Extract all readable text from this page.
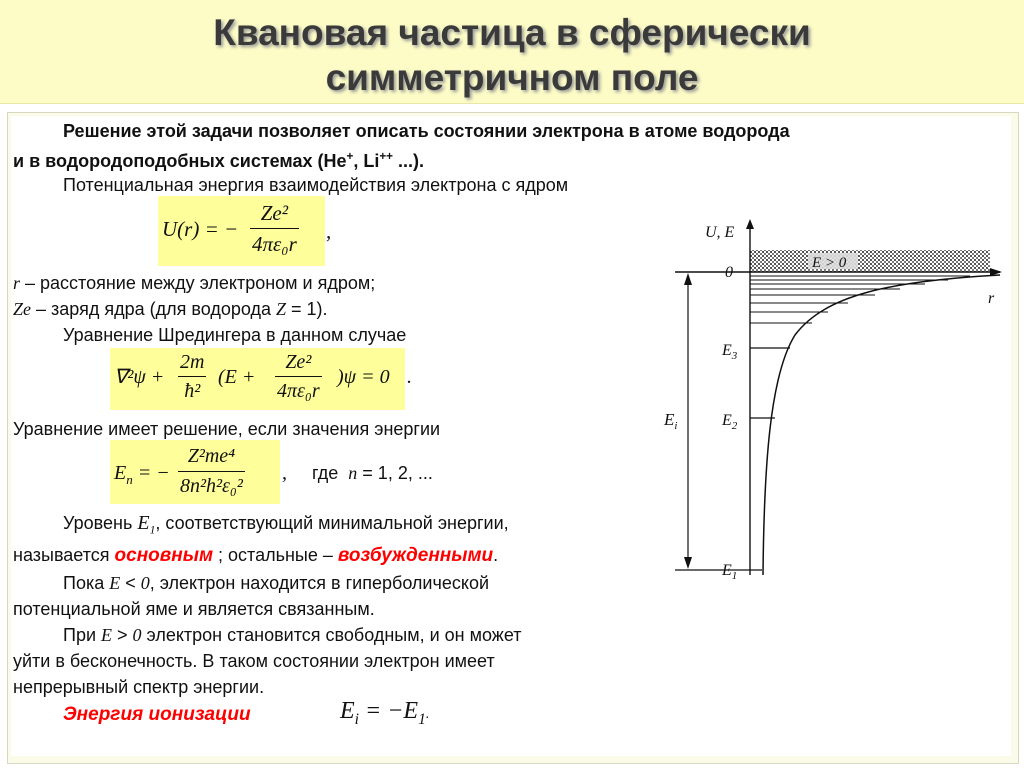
Квановая частица в сферически
симметричном поле
Решение этой задачи позволяет описать состоянии электрона в атоме водорода
и в водородоподобных системах (He+, Li++ ...).
Потенциальная энергия взаимодействия электрона с ядром
U(r) = − $\frac{\text{Ze²}}{\text{4πε₀r}}$ ,
r – расстояние между электроном и ядром;
Ze – заряд ядра (для водорода Z = 1).
Уравнение Шредингера в данном случае
$\nabla^2\psi + \frac{2m}{\text{ħ²}} (E + \frac{\text{Ze²}}{\text{4πε₀r}} )\psi = 0$ .
Уравнение имеет решение, если значения энергии
$E_n$ = − $\frac{\text{Z²me⁴}}{\text{8n²h²ε₀²}}$ , где n = 1, 2, ...
Уровень $E_1$, соответствующий минимальной энергии,
называется основным ; остальные – возбужденными.
Пока E < 0, электрон находится в гиперболической
потенциальной яме и является связанным.
При E > 0 электрон становится свободным, и он может
уйти в бесконечность. В таком состоянии электрон имеет
непрерывный спектр энергии.
Энергия ионизации	$E_i = -E_1$.
E > 0
U, E
0
r
$E_3$
$E_2$
$E_1$
$E_i$
